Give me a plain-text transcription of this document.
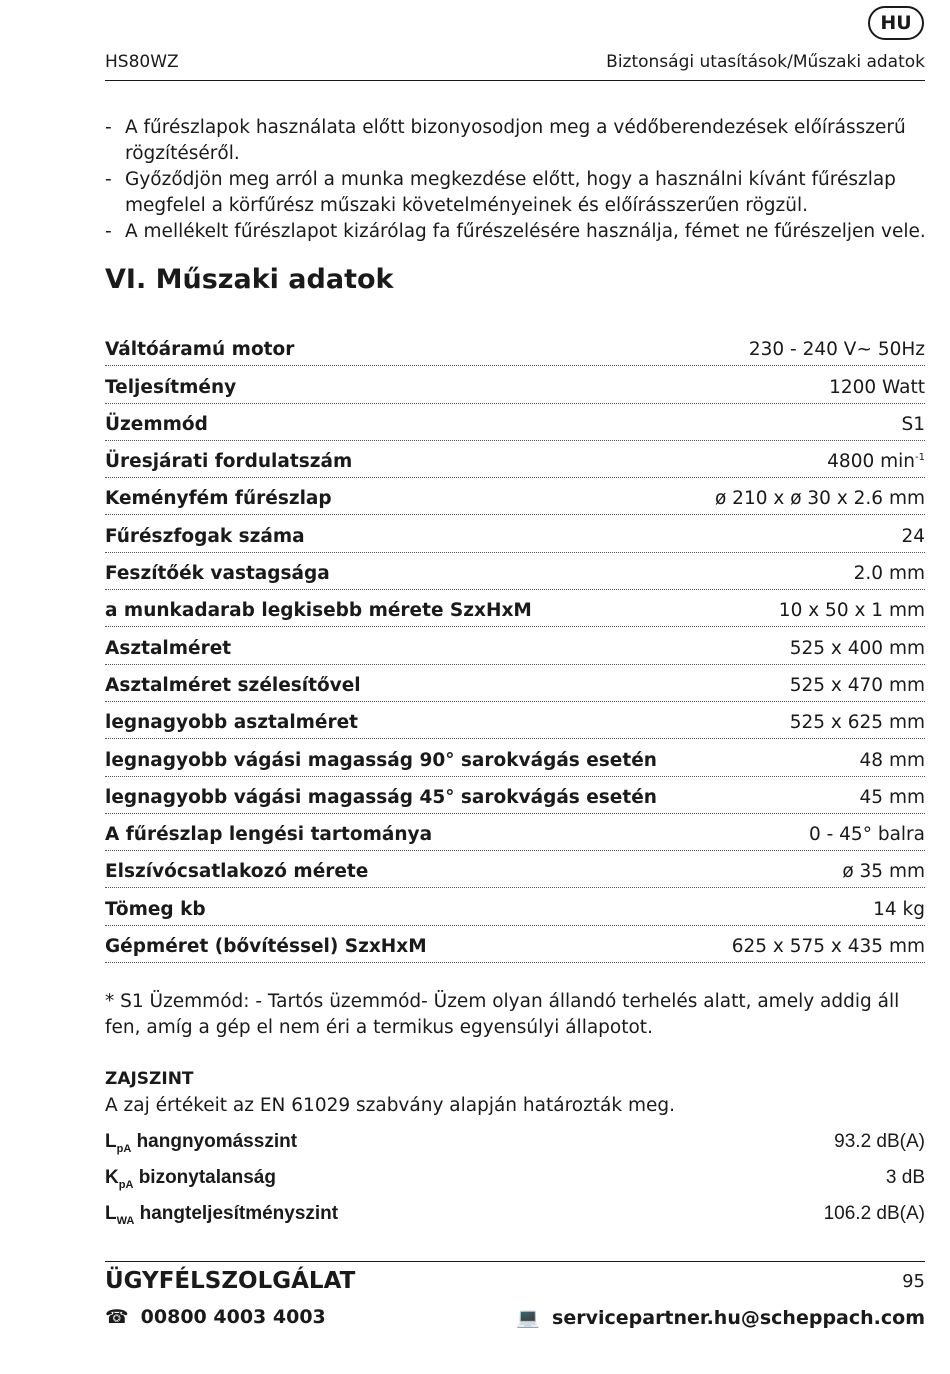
HU
HS80WZ	Biztonsági utasítások/Műszaki adatok
- A fűrészlapok használata előtt bizonyosodjon meg a védőberendezések előírásszerű rögzítéséről.
- Győződjön meg arról a munka megkezdése előtt, hogy a használni kívánt fűrészlap megfelel a körfűrész műszaki követelményeinek és előírásszerűen rögzül.
- A mellékelt fűrészlapot kizárólag fa fűrészelésére használja, fémet ne fűrészeljen vele.
VI. Műszaki adatok
Váltóáramú motor	230 - 240 V~ 50Hz
Teljesítmény	1200 Watt
Üzemmód	S1
Üresjárati fordulatszám	4800 $\min^{-1}$
Keményfém fűrészlap	ø 210 x ø 30 x 2.6 mm
Fűrészfogak száma	24
Feszítőék vastagsága	2.0 mm
a munkadarab legkisebb mérete SzxHxM	10 x 50 x 1 mm
Asztalméret	525 x 400 mm
Asztalméret szélesítővel	525 x 470 mm
legnagyobb asztalméret	525 x 625 mm
legnagyobb vágási magasság 90° sarokvágás esetén	48 mm
legnagyobb vágási magasság 45° sarokvágás esetén	45 mm
A fűrészlap lengési tartománya	0 - 45° balra
Elszívócsatlakozó mérete	ø 35 mm
Tömeg kb	14 kg
Gépméret (bővítéssel) SzxHxM	625 x 575 x 435 mm
* S1 Üzemmód: - Tartós üzemmód- Üzem olyan állandó terhelés alatt, amely addig áll fen, amíg a gép el nem éri a termikus egyensúlyi állapotot.
ZAJSZINT
A zaj értékeit az EN 61029 szabvány alapján határozták meg.
$L_{pA}$ hangnyomásszint	93.2 dB(A)
$K_{pA}$ bizonytalanság	3 dB
$L_{WA}$ hangteljesítményszint	106.2 dB(A)
ÜGYFÉLSZOLGÁLAT	95
☎ 00800 4003 4003	💻 servicepartner.hu@scheppach.com
